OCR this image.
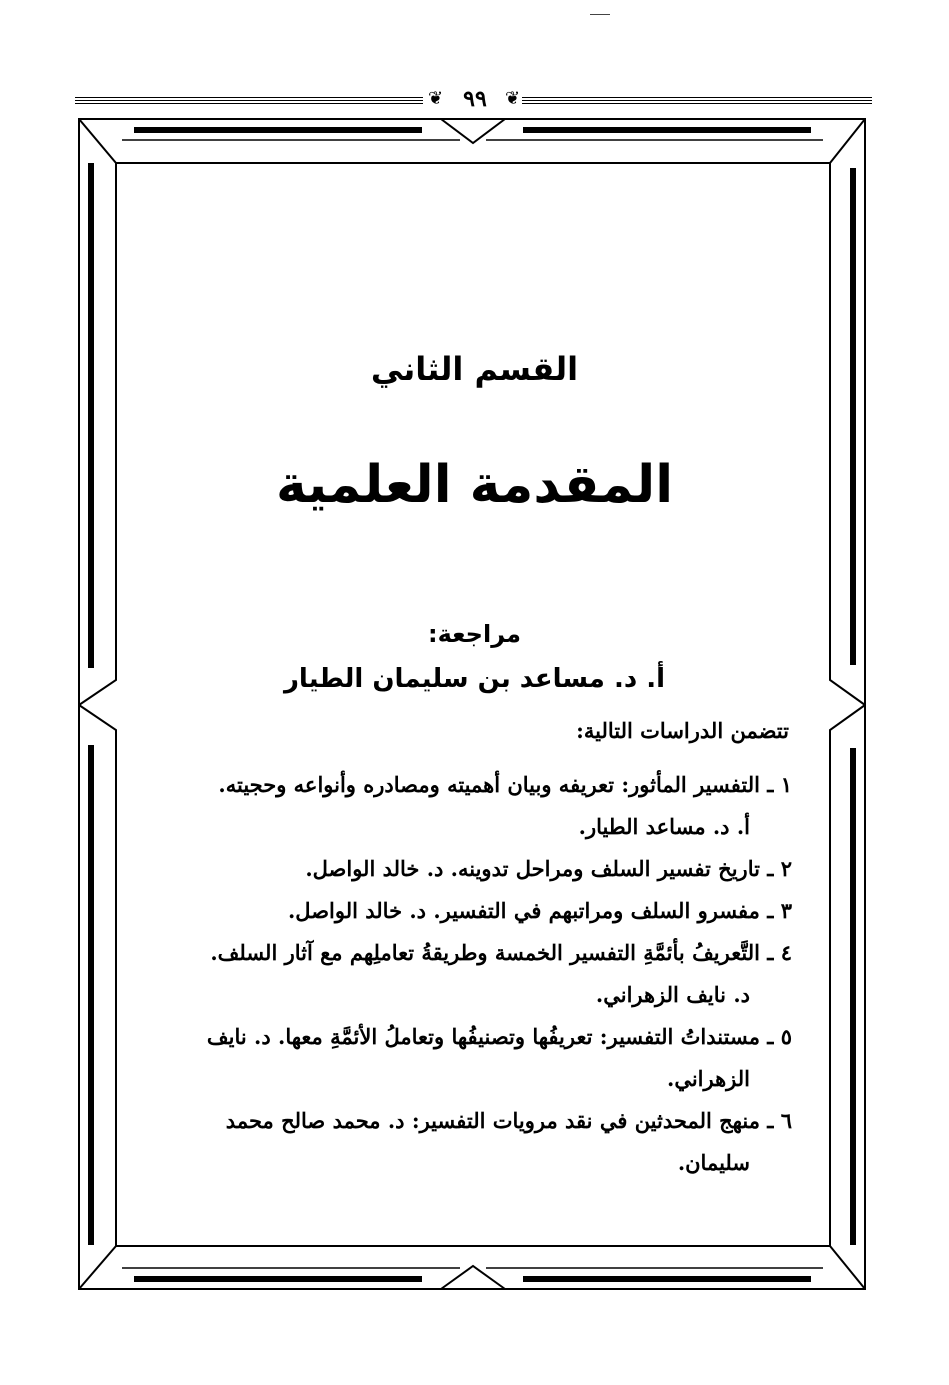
❦ ٩٩	❦
القسم الثاني
المقدمة العلمية
مراجعة:
أ. د. مساعد بن سليمان الطيار
تتضمن الدراسات التالية:
١ ـ التفسير المأثور: تعريفه وبيان أهميته ومصادره وأنواعه وحجيته.
أ. د. مساعد الطيار.
٢ ـ تاريخ تفسير السلف ومراحل تدوينه. د. خالد الواصل.
٣ ـ مفسرو السلف ومراتبهم في التفسير. د. خالد الواصل.
٤ ـ التَّعريفُ بأئمَّةِ التفسير الخمسة وطريقةُ تعاملِهم مع آثار السلف.
د. نايف الزهراني.
٥ ـ مستنداتُ التفسير: تعريفُها وتصنيفُها وتعاملُ الأئمَّةِ معها. د. نايف
الزهراني.
٦ ـ منهج المحدثين في نقد مرويات التفسير: د. محمد صالح محمد
سليمان.
